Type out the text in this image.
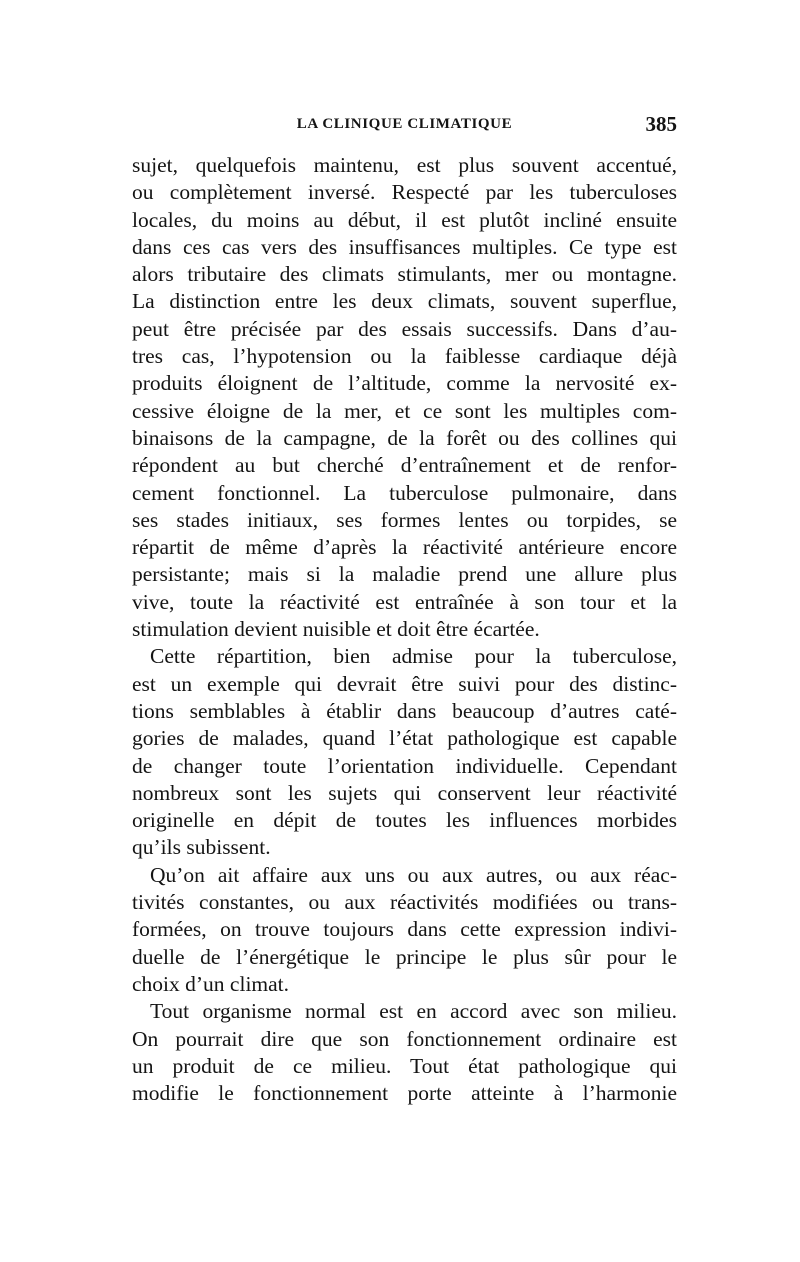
LA CLINIQUE CLIMATIQUE	385
sujet, quelquefois maintenu, est plus souvent accentué,
ou complètement inversé. Respecté par les tuberculoses
locales, du moins au début, il est plutôt incliné ensuite
dans ces cas vers des insuffisances multiples. Ce type est
alors tributaire des climats stimulants, mer ou montagne.
La distinction entre les deux climats, souvent superflue,
peut être précisée par des essais successifs. Dans d’au-
tres cas, l’hypotension ou la faiblesse cardiaque déjà
produits éloignent de l’altitude, comme la nervosité ex-
cessive éloigne de la mer, et ce sont les multiples com-
binaisons de la campagne, de la forêt ou des collines qui
répondent au but cherché d’entraînement et de renfor-
cement fonctionnel. La tuberculose pulmonaire, dans
ses stades initiaux, ses formes lentes ou torpides, se
répartit de même d’après la réactivité antérieure encore
persistante; mais si la maladie prend une allure plus
vive, toute la réactivité est entraînée à son tour et la
stimulation devient nuisible et doit être écartée.
Cette répartition, bien admise pour la tuberculose,
est un exemple qui devrait être suivi pour des distinc-
tions semblables à établir dans beaucoup d’autres caté-
gories de malades, quand l’état pathologique est capable
de changer toute l’orientation individuelle. Cependant
nombreux sont les sujets qui conservent leur réactivité
originelle en dépit de toutes les influences morbides
qu’ils subissent.
Qu’on ait affaire aux uns ou aux autres, ou aux réac-
tivités constantes, ou aux réactivités modifiées ou trans-
formées, on trouve toujours dans cette expression indivi-
duelle de l’énergétique le principe le plus sûr pour le
choix d’un climat.
Tout organisme normal est en accord avec son milieu.
On pourrait dire que son fonctionnement ordinaire est
un produit de ce milieu. Tout état pathologique qui
modifie le fonctionnement porte atteinte à l’harmonie
